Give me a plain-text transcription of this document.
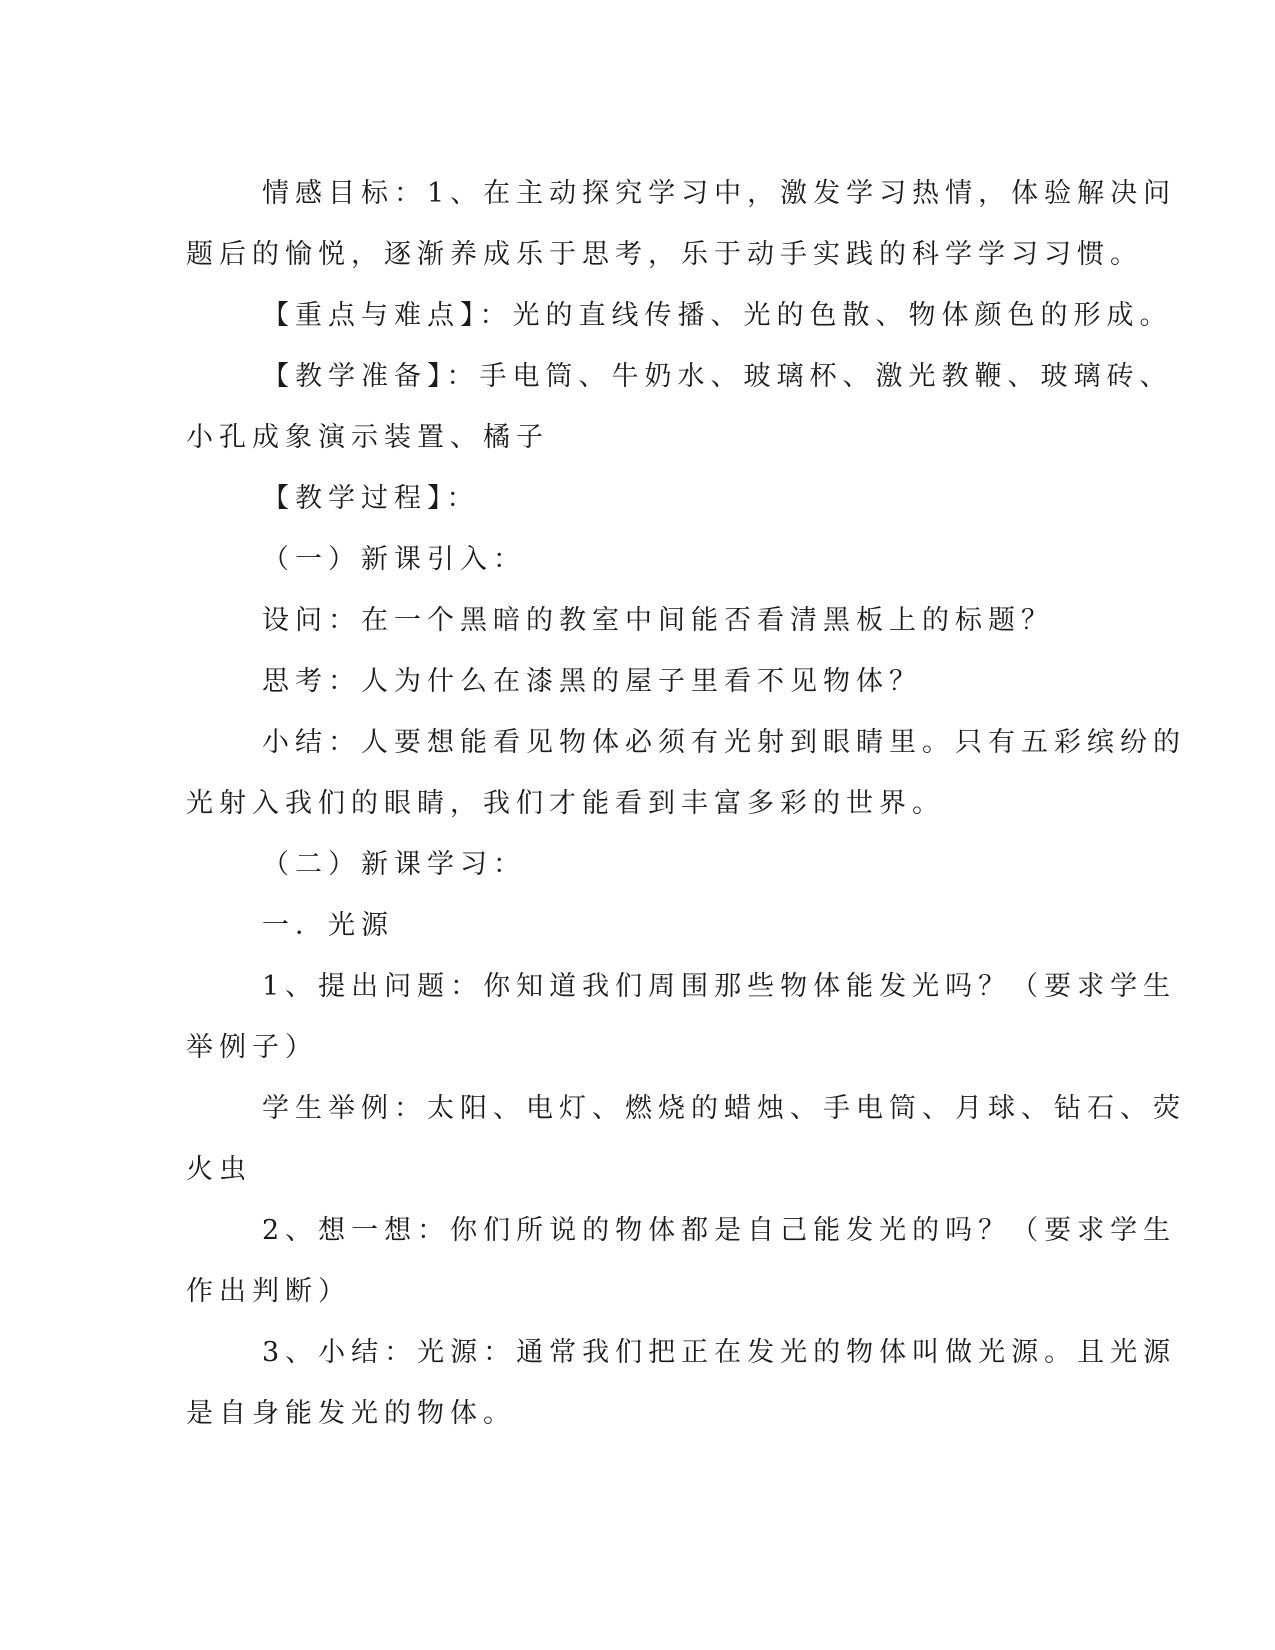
情感目标：1、在主动探究学习中，激发学习热情，体验解决问
题后的愉悦，逐渐养成乐于思考，乐于动手实践的科学学习习惯。
【重点与难点】：光的直线传播、光的色散、物体颜色的形成。
【教学准备】：手电筒、牛奶水、玻璃杯、激光教鞭、玻璃砖、
小孔成象演示装置、橘子
【教学过程】：
（一）新课引入：
设问：在一个黑暗的教室中间能否看清黑板上的标题？
思考：人为什么在漆黑的屋子里看不见物体？
小结：人要想能看见物体必须有光射到眼睛里。只有五彩缤纷的
光射入我们的眼睛，我们才能看到丰富多彩的世界。
（二）新课学习：
一．光源
1、提出问题：你知道我们周围那些物体能发光吗？（要求学生
举例子）
学生举例：太阳、电灯、燃烧的蜡烛、手电筒、月球、钻石、荧
火虫
2、想一想：你们所说的物体都是自己能发光的吗？（要求学生
作出判断）
3、小结：光源：通常我们把正在发光的物体叫做光源。且光源
是自身能发光的物体。
